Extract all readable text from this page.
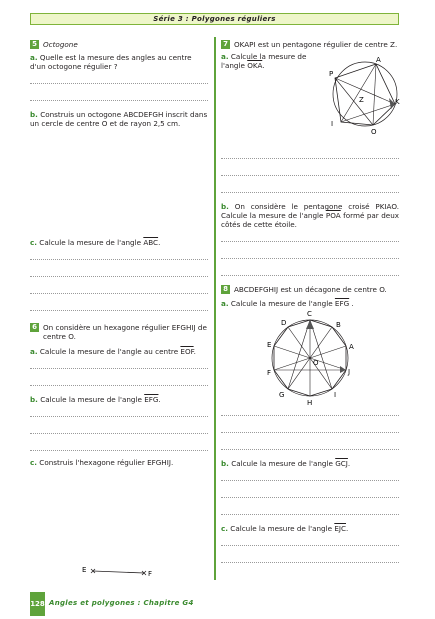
Série 3 : Polygones réguliers
5 Octogone
a. Quelle est la mesure des angles au centre d'un octogone régulier ?
b. Construis un octogone ABCDEFGH inscrit dans un cercle de centre O et de rayon 2,5 cm.
c. Calcule la mesure de l'angle $\overline{ABC}$.
6 On considère un hexagone régulier EFGHIJ de centre O.
a. Calcule la mesure de l'angle au centre $\overline{EOF}$.
b. Calcule la mesure de l'angle $\overline{EFG}$.
c. Construis l'hexagone régulier EFGHIJ.
E	F
7 OKAPI est un pentagone régulier de centre Z.
a. Calcule la mesure de l'angle $\overline{OKA}$.
A
P
K
Z
I
O
b. On considère le pentagone croisé PKIAO. Calcule la mesure de l'angle $\overline{POA}$ formé par deux côtés de cette étoile.
8 ABCDEFGHIJ est un décagone de centre O.
a. Calcule la mesure de l'angle $\overline{EFG}$ .
C
B
A
J
I
H
G
F
E
D
O
b. Calcule la mesure de l'angle $\overline{GCJ}$.
c. Calcule la mesure de l'angle $\overline{EJC}$.
128 Angles et polygones : Chapitre G4
